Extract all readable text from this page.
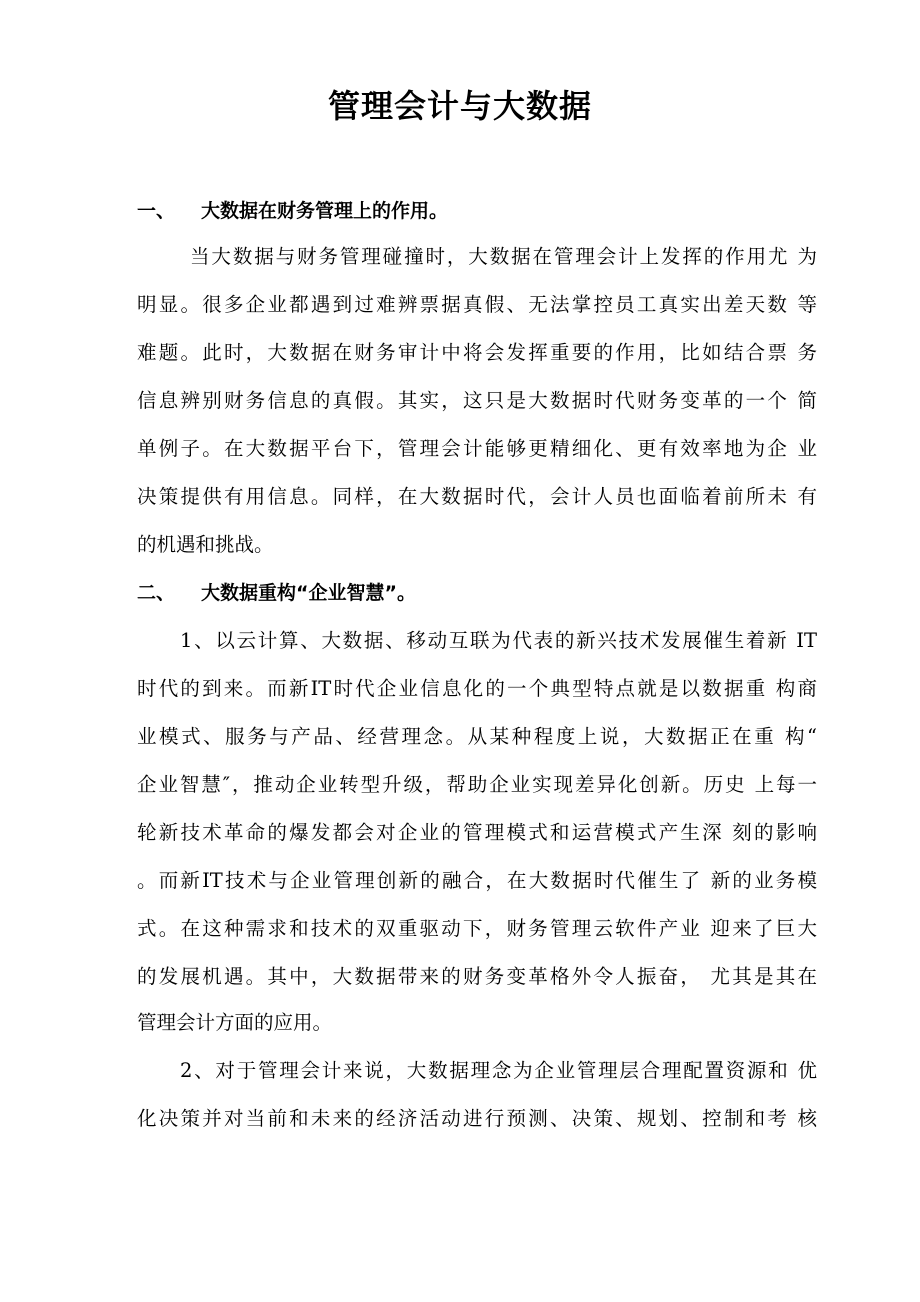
管理会计与大数据
一、 大数据在财务管理上的作用。
当大数据与财务管理碰撞时，大数据在管理会计上发挥的作用尤 为
明显。很多企业都遇到过难辨票据真假、无法掌控员工真实出差天数 等
难题。此时，大数据在财务审计中将会发挥重要的作用，比如结合票 务
信息辨别财务信息的真假。其实，这只是大数据时代财务变革的一个 简
单例子。在大数据平台下，管理会计能够更精细化、更有效率地为企 业
决策提供有用信息。同样，在大数据时代，会计人员也面临着前所未 有
的机遇和挑战。
二、 大数据重构“企业智慧”。
1、以云计算、大数据、移动互联为代表的新兴技术发展催生着新 IT
时代的到来。而新IT时代企业信息化的一个典型特点就是以数据重 构商
业模式、服务与产品、经营理念。从某种程度上说，大数据正在重 构“
企业智慧″，推动企业转型升级，帮助企业实现差异化创新。历史 上每一
轮新技术革命的爆发都会对企业的管理模式和运营模式产生深 刻的影响
。而新IT技术与企业管理创新的融合，在大数据时代催生了 新的业务模
式。在这种需求和技术的双重驱动下，财务管理云软件产业 迎来了巨大
的发展机遇。其中，大数据带来的财务变革格外令人振奋， 尤其是其在
管理会计方面的应用。
2、对于管理会计来说，大数据理念为企业管理层合理配置资源和 优
化决策并对当前和未来的经济活动进行预测、决策、规划、控制和考 核
